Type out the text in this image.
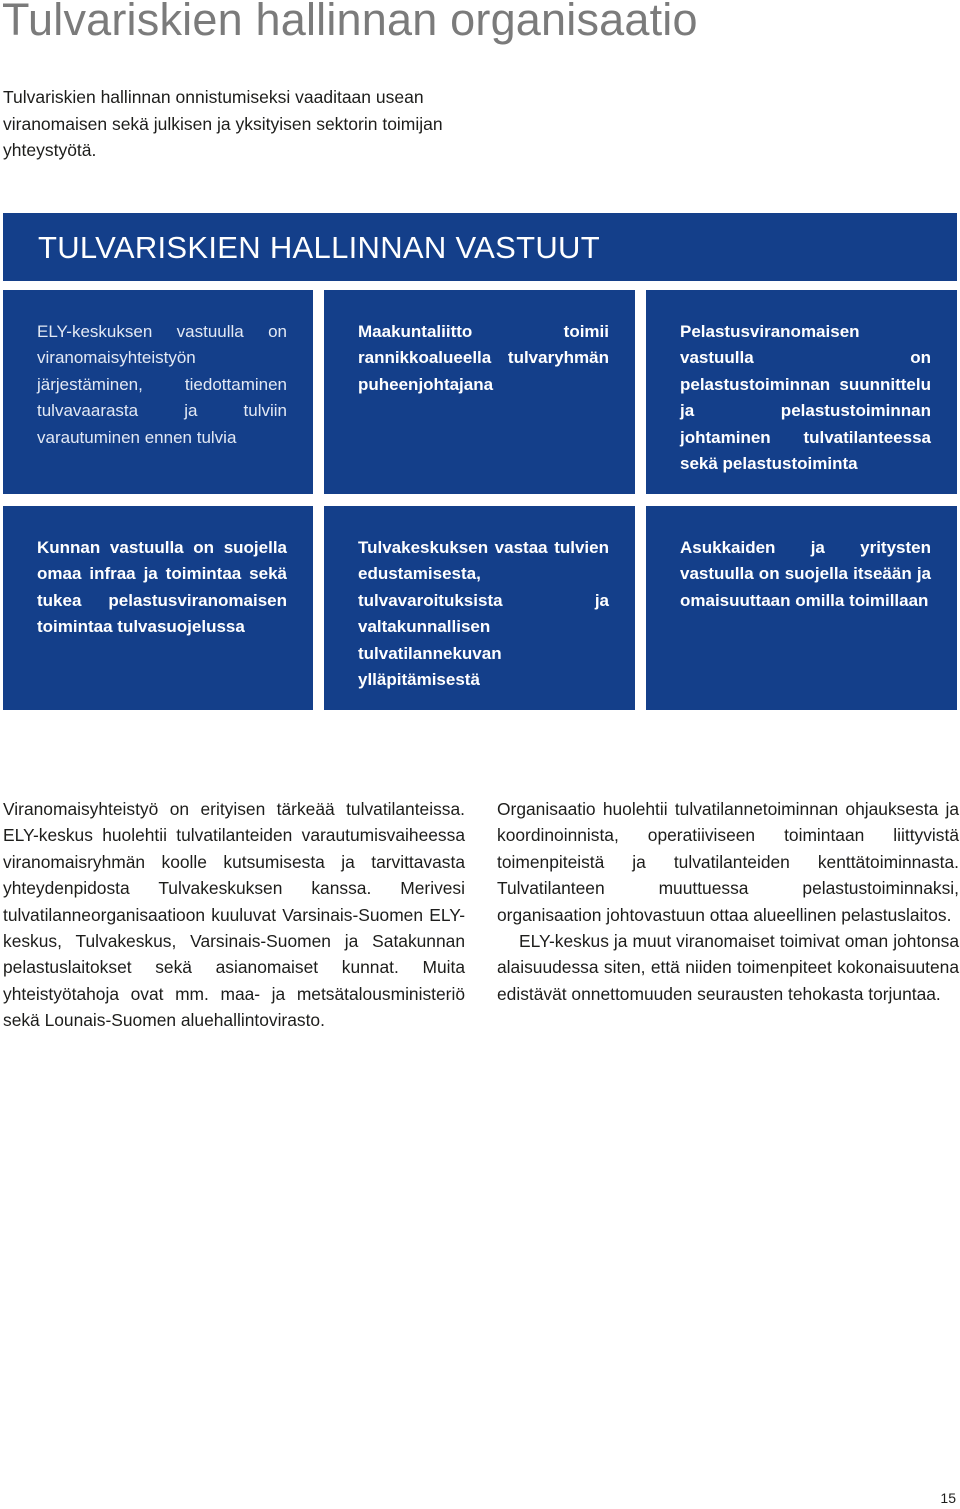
Tulvariskien hallinnan organisaatio

Tulvariskien hallinnan onnistumiseksi vaaditaan usean viranomaisen sekä julkisen ja yksityisen sektorin toimijan yhteystyötä.

TULVARISKIEN HALLINNAN VASTUUT

ELY-keskuksen vastuulla on viranomaisyhteistyön järjestäminen, tiedottaminen tulvavaarasta ja tulviin varautuminen ennen tulvia

Maakuntaliitto toimii rannikkoalueella tulvaryhmän puheenjohtajana

Pelastusviranomaisen vastuulla on pelastustoiminnan suunnittelu ja pelastustoiminnan johtaminen tulvatilanteessa sekä pelastustoiminta

Kunnan vastuulla on suojella omaa infraa ja toimintaa sekä tukea pelastusviranomaisen toimintaa tulvasuojelussa

Tulvakeskuksen vastaa tulvien edustamisesta, tulvavaroituksista ja valtakunnallisen tulvatilannekuvan ylläpitämisestä

Asukkaiden ja yritysten vastuulla on suojella itseään ja omaisuuttaan omilla toimillaan

Viranomaisyhteistyö on erityisen tärkeää tulvatilanteissa. ELY-keskus huolehtii tulvatilanteiden varautumisvaiheessa viranomaisryhmän koolle kutsumisesta ja tarvittavasta yhteydenpidosta Tulvakeskuksen kanssa. Merivesi tulvatilanneorganisaatioon kuuluvat Varsinais-Suomen ELY-keskus, Tulvakeskus, Varsinais-Suomen ja Satakunnan pelastuslaitokset sekä asianomaiset kunnat. Muita yhteistyötahoja ovat mm. maa- ja metsätalousministeriö sekä Lounais-Suomen aluehallintovirasto.

Organisaatio huolehtii tulvatilannetoiminnan ohjauksesta ja koordinoinnista, operatiiviseen toimintaan liittyvistä toimenpiteistä ja tulvatilanteiden kenttätoiminnasta. Tulvatilanteen muuttuessa pelastustoiminnaksi, organisaation johtovastuun ottaa alueellinen pelastuslaitos.

ELY-keskus ja muut viranomaiset toimivat oman johtonsa alaisuudessa siten, että niiden toimenpiteet kokonaisuutena edistävät onnettomuuden seurausten tehokasta torjuntaa.

15
